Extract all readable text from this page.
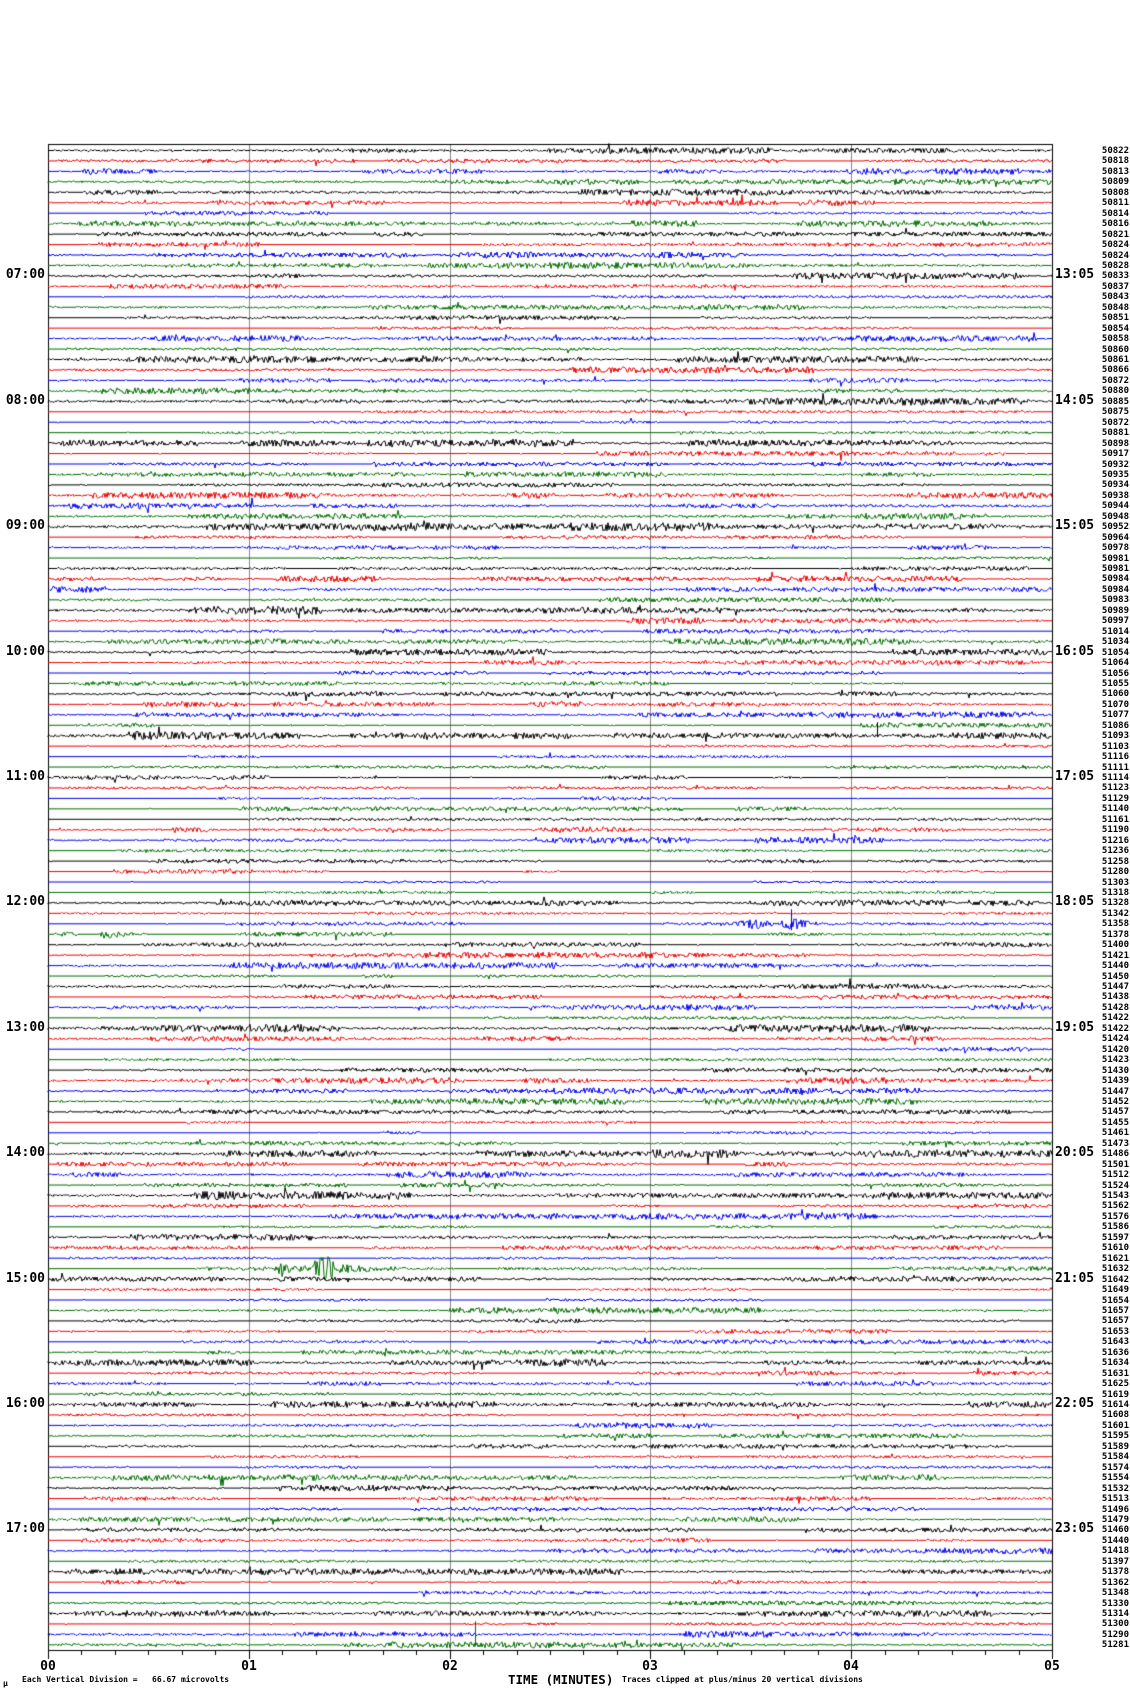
07:00
08:00
09:00
10:00
11:00
12:00
13:00
14:00
15:00
16:00
17:00
13:05
14:05
15:05
16:05
17:05
18:05
19:05
20:05
21:05
22:05
23:05
50822
50818
50813
50809
50808
50811
50814
50816
50821
50824
50824
50828
50833
50837
50843
50848
50851
50854
50858
50860
50861
50866
50872
50880
50885
50875
50872
50881
50898
50917
50932
50935
50934
50938
50944
50948
50952
50964
50978
50981
50981
50984
50984
50983
50989
50997
51014
51034
51054
51064
51056
51055
51060
51070
51077
51086
51093
51103
51116
51111
51114
51123
51129
51140
51161
51190
51216
51236
51258
51280
51303
51318
51328
51342
51358
51378
51400
51421
51440
51450
51447
51438
51428
51422
51422
51424
51420
51423
51430
51439
51447
51452
51457
51455
51461
51473
51486
51501
51512
51524
51543
51562
51576
51586
51597
51610
51621
51632
51642
51649
51654
51657
51657
51653
51643
51636
51634
51631
51625
51619
51614
51608
51601
51595
51589
51584
51574
51554
51532
51513
51496
51479
51460
51440
51418
51397
51378
51362
51348
51330
51314
51300
51290
51281
00	01	02	03	04	05
µ Each Vertical Division =   66.67 microvolts	TIME (MINUTES) Traces clipped at plus/minus 20 vertical divisions
